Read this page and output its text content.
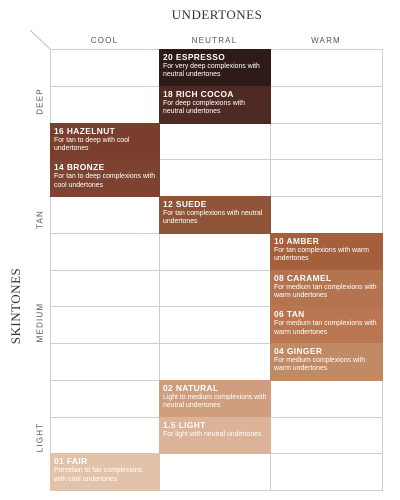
UNDERTONES
SKINTONES
COOL	NEUTRAL	WARM
DEEP
TAN
MEDIUM
LIGHT
20 ESPRESSO
For very deep complexions with neutral undertones
18 RICH COCOA
For deep complexions with neutral undertones
16 HAZELNUT
For tan to deep with cool undertones
14 BRONZE
For tan to deep complexions with cool undertones
12 SUEDE
For tan complexions with neutral undertones
10 AMBER
For tan complexions with warm undertones
08 CARAMEL
For medium tan complexions with warm undertones
06 TAN
For medium tan complexions with warm undertones
04 GINGER
For medium complexions with warm undertones
02 NATURAL
Light to medium complexions with neutral undertones
1.5 LIGHT
For light with neutral undertones
01 FAIR
Porcelain to fair complexions with cool undertones
